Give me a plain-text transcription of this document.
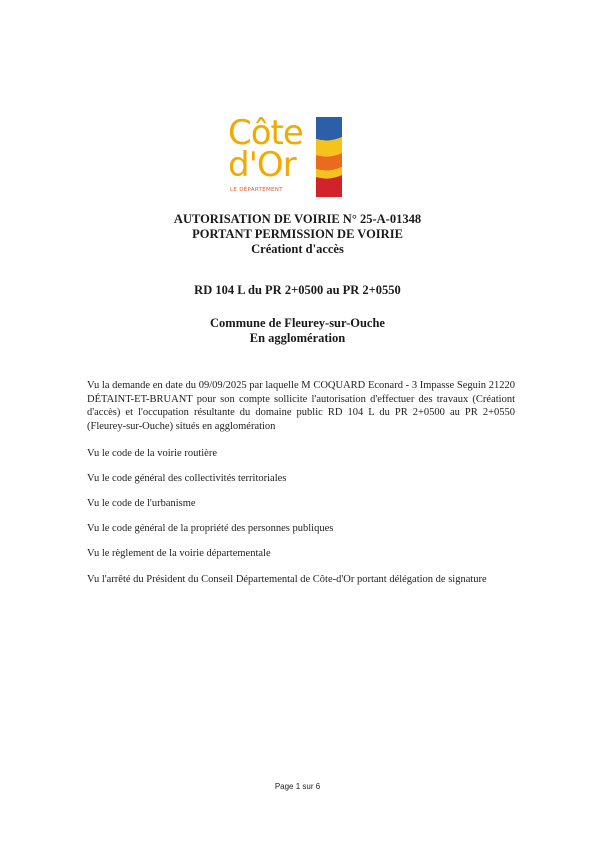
Côte
d'Or
LE DÉPARTEMENT
AUTORISATION DE VOIRIE N° 25-A-01348
PORTANT PERMISSION DE VOIRIE
Créationt d'accès
RD 104 L du PR 2+0500 au PR 2+0550
Commune de Fleurey-sur-Ouche
En agglomération
Vu la demande en date du 09/09/2025 par laquelle M COQUARD Econard - 3 Impasse Seguin 21220 DÉTAINT-ET-BRUANT pour son compte sollicite l'autorisation d'effectuer des travaux (Créationt d'accès) et l'occupation résultante du domaine public RD 104 L du PR 2+0500 au PR 2+0550 (Fleurey-sur-Ouche) situés en agglomération
Vu le code de la voirie routière
Vu le code général des collectivités territoriales
Vu le code de l'urbanisme
Vu le code général de la propriété des personnes publiques
Vu le règlement de la voirie départementale
Vu l'arrêté du Président du Conseil Départemental de Côte-d'Or portant délégation de signature
Page 1 sur 6
